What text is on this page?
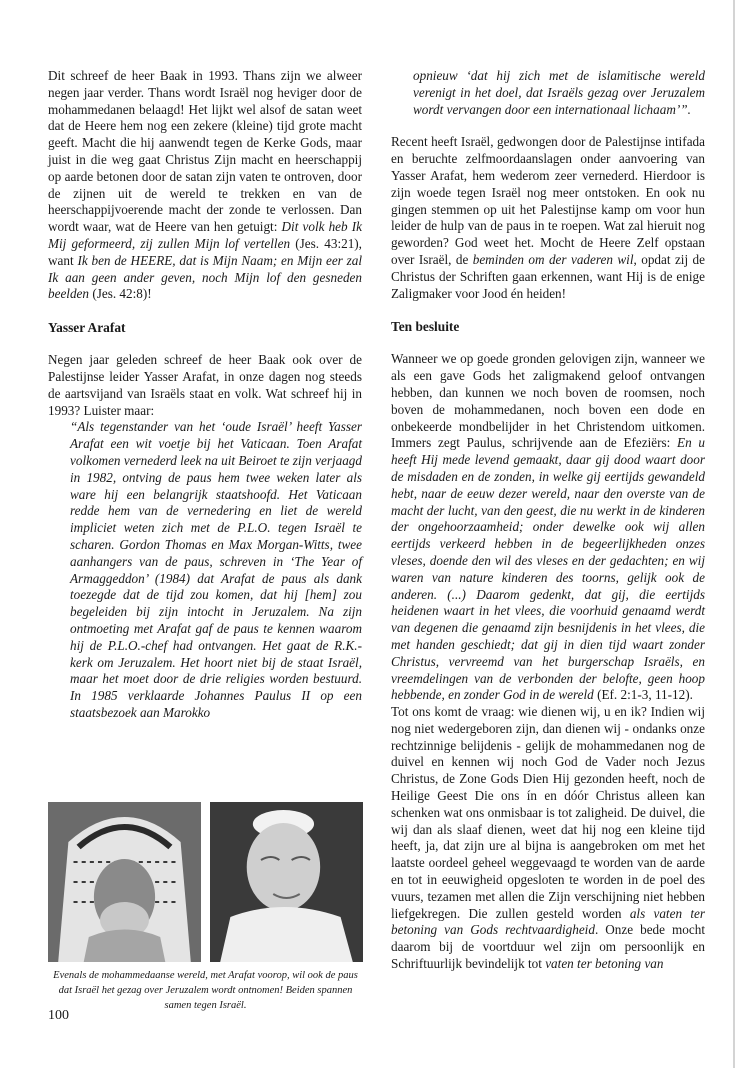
Dit schreef de heer Baak in 1993. Thans zijn we alweer negen jaar verder. Thans wordt Israël nog heviger door de mohammedanen belaagd! Het lijkt wel alsof de satan weet dat de Heere hem nog een zekere (kleine) tijd grote macht geeft. Macht die hij aanwendt tegen de Kerke Gods, maar juist in die weg gaat Christus Zijn macht en heerschappij op aarde betonen door de satan zijn vaten te ontroven, door de zijnen uit de wereld te trekken en van de heerschappijvoerende macht der zonde te verlossen. Dan wordt waar, wat de Heere van hen getuigt: Dit volk heb Ik Mij geformeerd, zij zullen Mijn lof vertellen (Jes. 43:21), want Ik ben de HEERE, dat is Mijn Naam; en Mijn eer zal Ik aan geen ander geven, noch Mijn lof den gesneden beelden (Jes. 42:8)!

Yasser Arafat

Negen jaar geleden schreef de heer Baak ook over de Palestijnse leider Yasser Arafat, in onze dagen nog steeds de aartsvijand van Israëls staat en volk. Wat schreef hij in 1993? Luister maar:

“Als tegenstander van het ‘oude Israël’ heeft Yasser Arafat een wit voetje bij het Vaticaan. Toen Arafat volkomen vernederd leek na uit Beiroet te zijn verjaagd in 1982, ontving de paus hem twee weken later als ware hij een belangrijk staatshoofd. Het Vaticaan redde hem van de vernedering en liet de wereld impliciet weten zich met de P.L.O. tegen Israël te scharen. Gordon Thomas en Max Morgan-Witts, twee aanhangers van de paus, schreven in ‘The Year of Armaggeddon’ (1984) dat Arafat de paus als dank toezegde dat de tijd zou komen, dat hij [hem] zou begeleiden bij zijn intocht in Jeruzalem. Na zijn ontmoeting met Arafat gaf de paus te kennen waarom hij de P.L.O.-chef had ontvangen. Het gaat de R.K.-kerk om Jeruzalem. Het hoort niet bij de staat Israël, maar het moet door de drie religies worden bestuurd. In 1985 verklaarde Johannes Paulus II op een staatsbezoek aan Marokko

Evenals de mohammedaanse wereld, met Arafat voorop, wil ook de paus dat Israël het gezag over Jeruzalem wordt ontnomen! Beiden spannen samen tegen Israël.
100

opnieuw ‘dat hij zich met de islamitische wereld verenigt in het doel, dat Israëls gezag over Jeruzalem wordt vervangen door een internationaal lichaam’”.

Recent heeft Israël, gedwongen door de Palestijnse intifada en beruchte zelfmoordaanslagen onder aanvoering van Yasser Arafat, hem wederom zeer vernederd. Hierdoor is zijn woede tegen Israël nog meer ontstoken. En ook nu gingen stemmen op uit het Palestijnse kamp om voor hun leider de hulp van de paus in te roepen. Wat zal hieruit nog geworden? God weet het. Mocht de Heere Zelf opstaan over Israël, de beminden om der vaderen wil, opdat zij de Christus der Schriften gaan erkennen, want Hij is de enige Zaligmaker voor Jood én heiden!

Ten besluite

Wanneer we op goede gronden gelovigen zijn, wanneer we als een gave Gods het zaligmakend geloof ontvangen hebben, dan kunnen we noch boven de roomsen, noch boven de mohammedanen, noch boven een dode en onbekeerde mondbelijder in het Christendom uitkomen. Immers zegt Paulus, schrijvende aan de Efeziërs: En u heeft Hij mede levend gemaakt, daar gij dood waart door de misdaden en de zonden, in welke gij eertijds gewandeld hebt, naar de eeuw dezer wereld, naar den overste van de macht der lucht, van den geest, die nu werkt in de kinderen der ongehoorzaamheid; onder dewelke ook wij allen eertijds verkeerd hebben in de begeerlijkheden onzes vleses, doende den wil des vleses en der gedachten; en wij waren van nature kinderen des toorns, gelijk ook de anderen. (...) Daarom gedenkt, dat gij, die eertijds heidenen waart in het vlees, die voorhuid genaamd werdt van degenen die genaamd zijn besnijdenis in het vlees, die met handen geschiedt; dat gij in dien tijd waart zonder Christus, vervreemd van het burgerschap Israëls, en vreemdelingen van de verbonden der belofte, geen hoop hebbende, en zonder God in de wereld (Ef. 2:1-3, 11-12).

Tot ons komt de vraag: wie dienen wij, u en ik? Indien wij nog niet wedergeboren zijn, dan dienen wij - ondanks onze rechtzinnige belijdenis - gelijk de mohammedanen nog de duivel en kennen wij noch God de Vader noch Jezus Christus, de Zone Gods Dien Hij gezonden heeft, noch de Heilige Geest Die ons ín en dóór Christus alleen kan schenken wat ons onmisbaar is tot zaligheid. De duivel, die wij dan als slaaf dienen, weet dat hij nog een kleine tijd heeft, ja, dat zijn ure al bijna is aangebroken om met het laatste oordeel geheel weggevaagd te worden van de aarde en tot in eeuwigheid opgesloten te worden in de poel des vuurs, tezamen met allen die Zijn verschijning niet hebben liefgekregen. Die zullen gesteld worden als vaten ter betoning van Gods rechtvaardigheid. Onze bede mocht daarom bij de voortduur wel zijn om persoonlijk en Schriftuurlijk bevindelijk tot vaten ter betoning van
